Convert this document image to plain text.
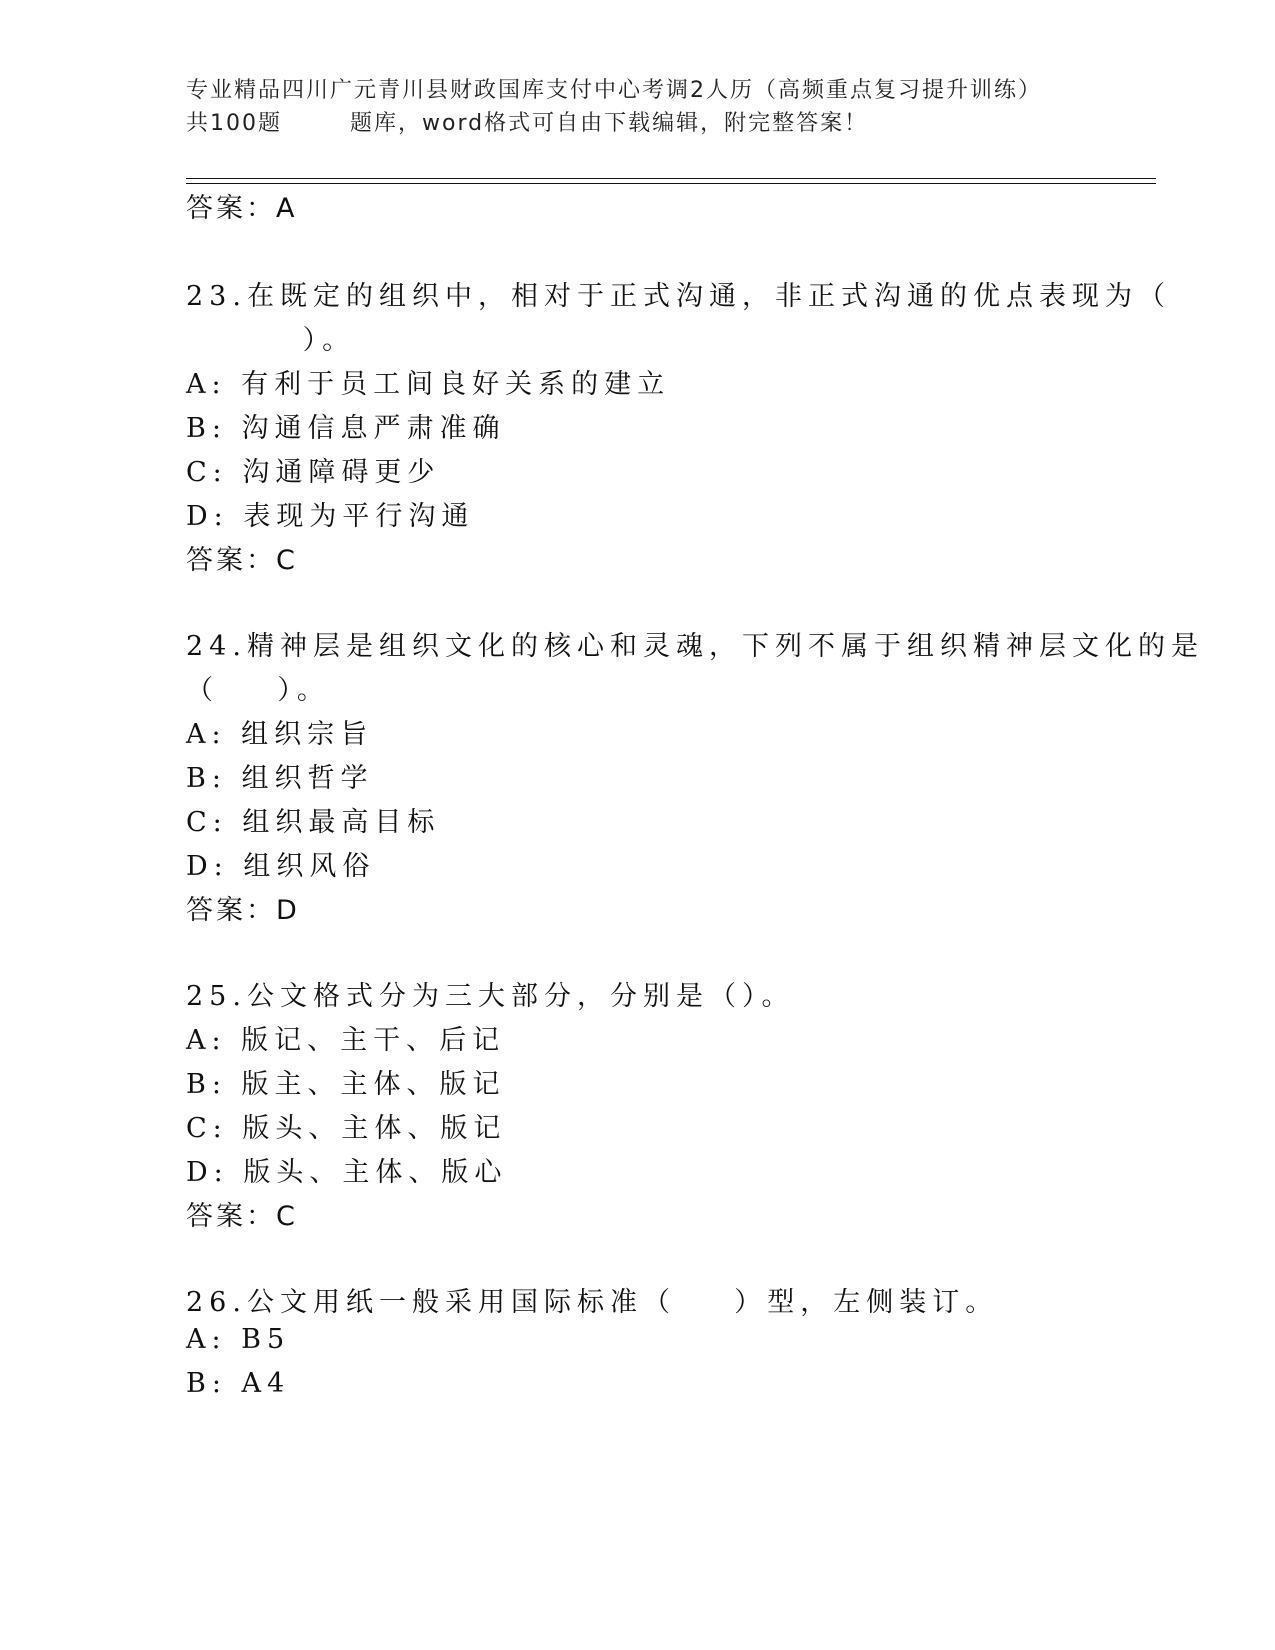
专业精品四川广元青川县财政国库支付中心考调2人历（高频重点复习提升训练）
共100题	题库，word格式可自由下载编辑，附完整答案！
答案：A
23.在既定的组织中，相对于正式沟通，非正式沟通的优点表现为（
）。
A: 有利于员工间良好关系的建立
B: 沟通信息严肃准确
C: 沟通障碍更少
D: 表现为平行沟通
答案：C
24.精神层是组织文化的核心和灵魂，下列不属于组织精神层文化的是
（    ）。
A: 组织宗旨
B: 组织哲学
C: 组织最高目标
D: 组织风俗
答案：D
25.公文格式分为三大部分，分别是（）。
A: 版记、主干、后记
B: 版主、主体、版记
C: 版头、主体、版记
D: 版头、主体、版心
答案：C
26.公文用纸一般采用国际标准（    ）型，左侧装订。
A: B5
B: A4
